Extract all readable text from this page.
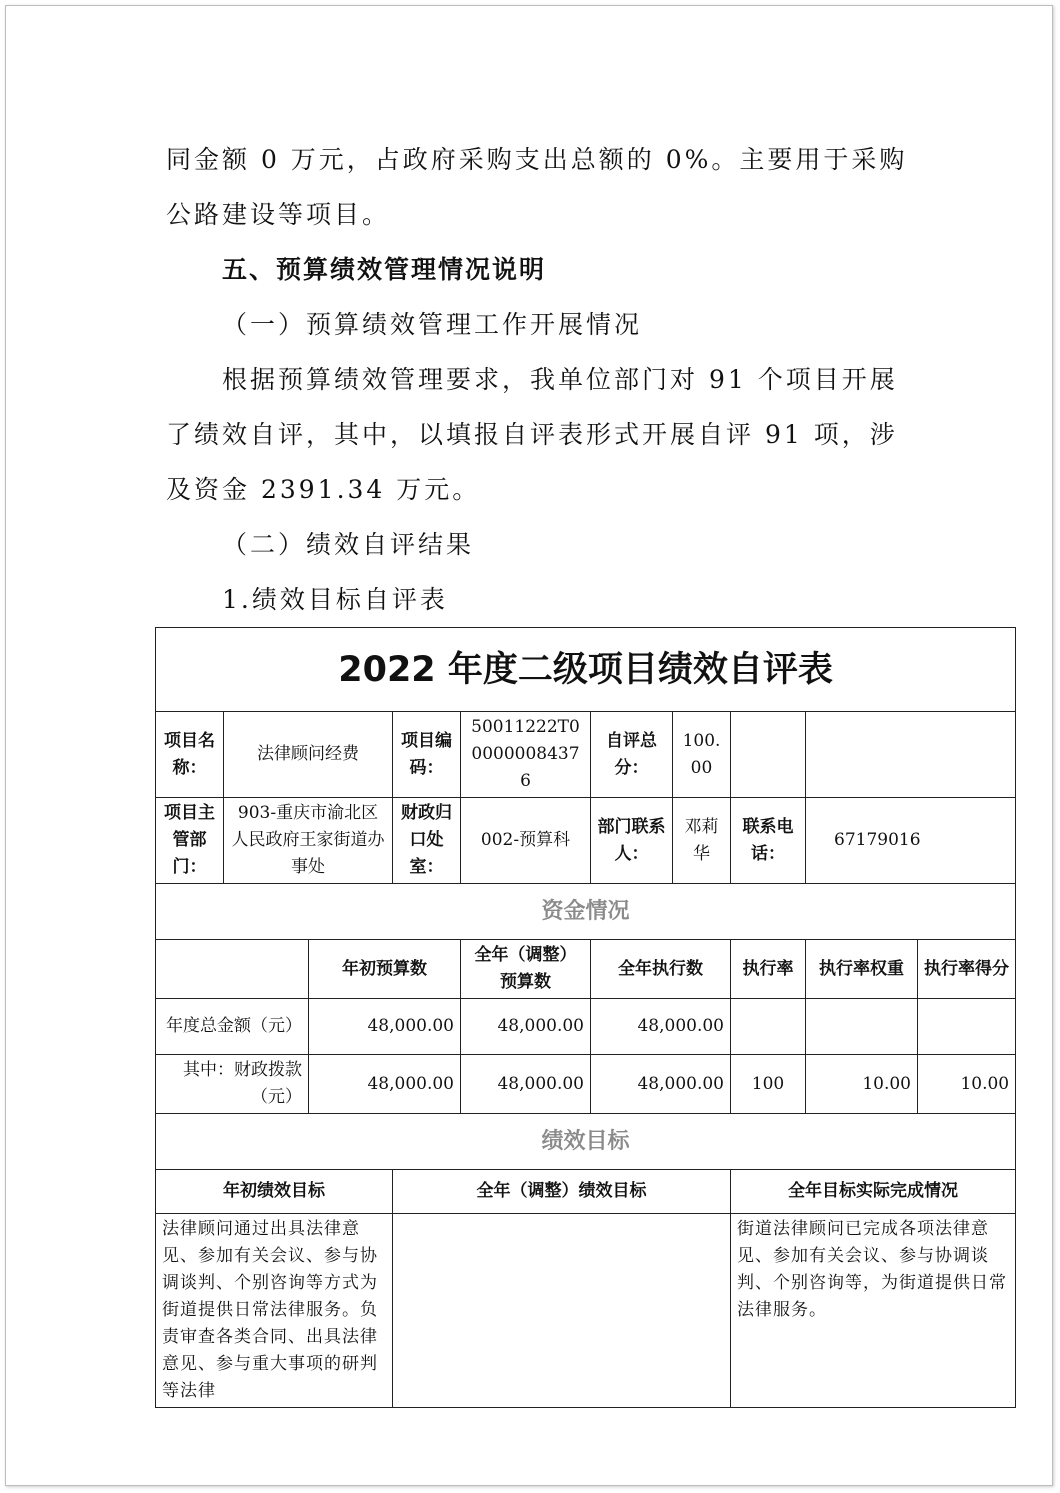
同金额 0 万元，占政府采购支出总额的 0%。主要用于采购
公路建设等项目。
五、预算绩效管理情况说明
（一）预算绩效管理工作开展情况
根据预算绩效管理要求，我单位部门对 91 个项目开展
了绩效自评，其中，以填报自评表形式开展自评 91 项，涉
及资金 2391.34 万元。
（二）绩效自评结果
1.绩效目标自评表
2022 年度二级项目绩效自评表									
项目名称：	法律顾问经费		项目编码：	50011222T000000084376	自评总分：	100.00			
项目主管部门：	903-重庆市渝北区人民政府王家街道办事处		财政归口处室：	002-预算科	部门联系人：	邓莉华	联系电话：	67179016	
资金情况									
		年初预算数		全年（调整）预算数	全年执行数		执行率	执行率权重	执行率得分
年度总金额（元）		48,000.00		48,000.00	48,000.00				
其中：财政拨款（元）		48,000.00		48,000.00	48,000.00		100	10.00	10.00
绩效目标									
年初绩效目标			全年（调整）绩效目标				全年目标实际完成情况		
法律顾问通过出具法律意见、参加有关会议、参与协调谈判、个别咨询等方式为街道提供日常法律服务。负责审查各类合同、出具法律意见、参与重大事项的研判等法律							街道法律顾问已完成各项法律意见、参加有关会议、参与协调谈判、个别咨询等，为街道提供日常法律服务。		
